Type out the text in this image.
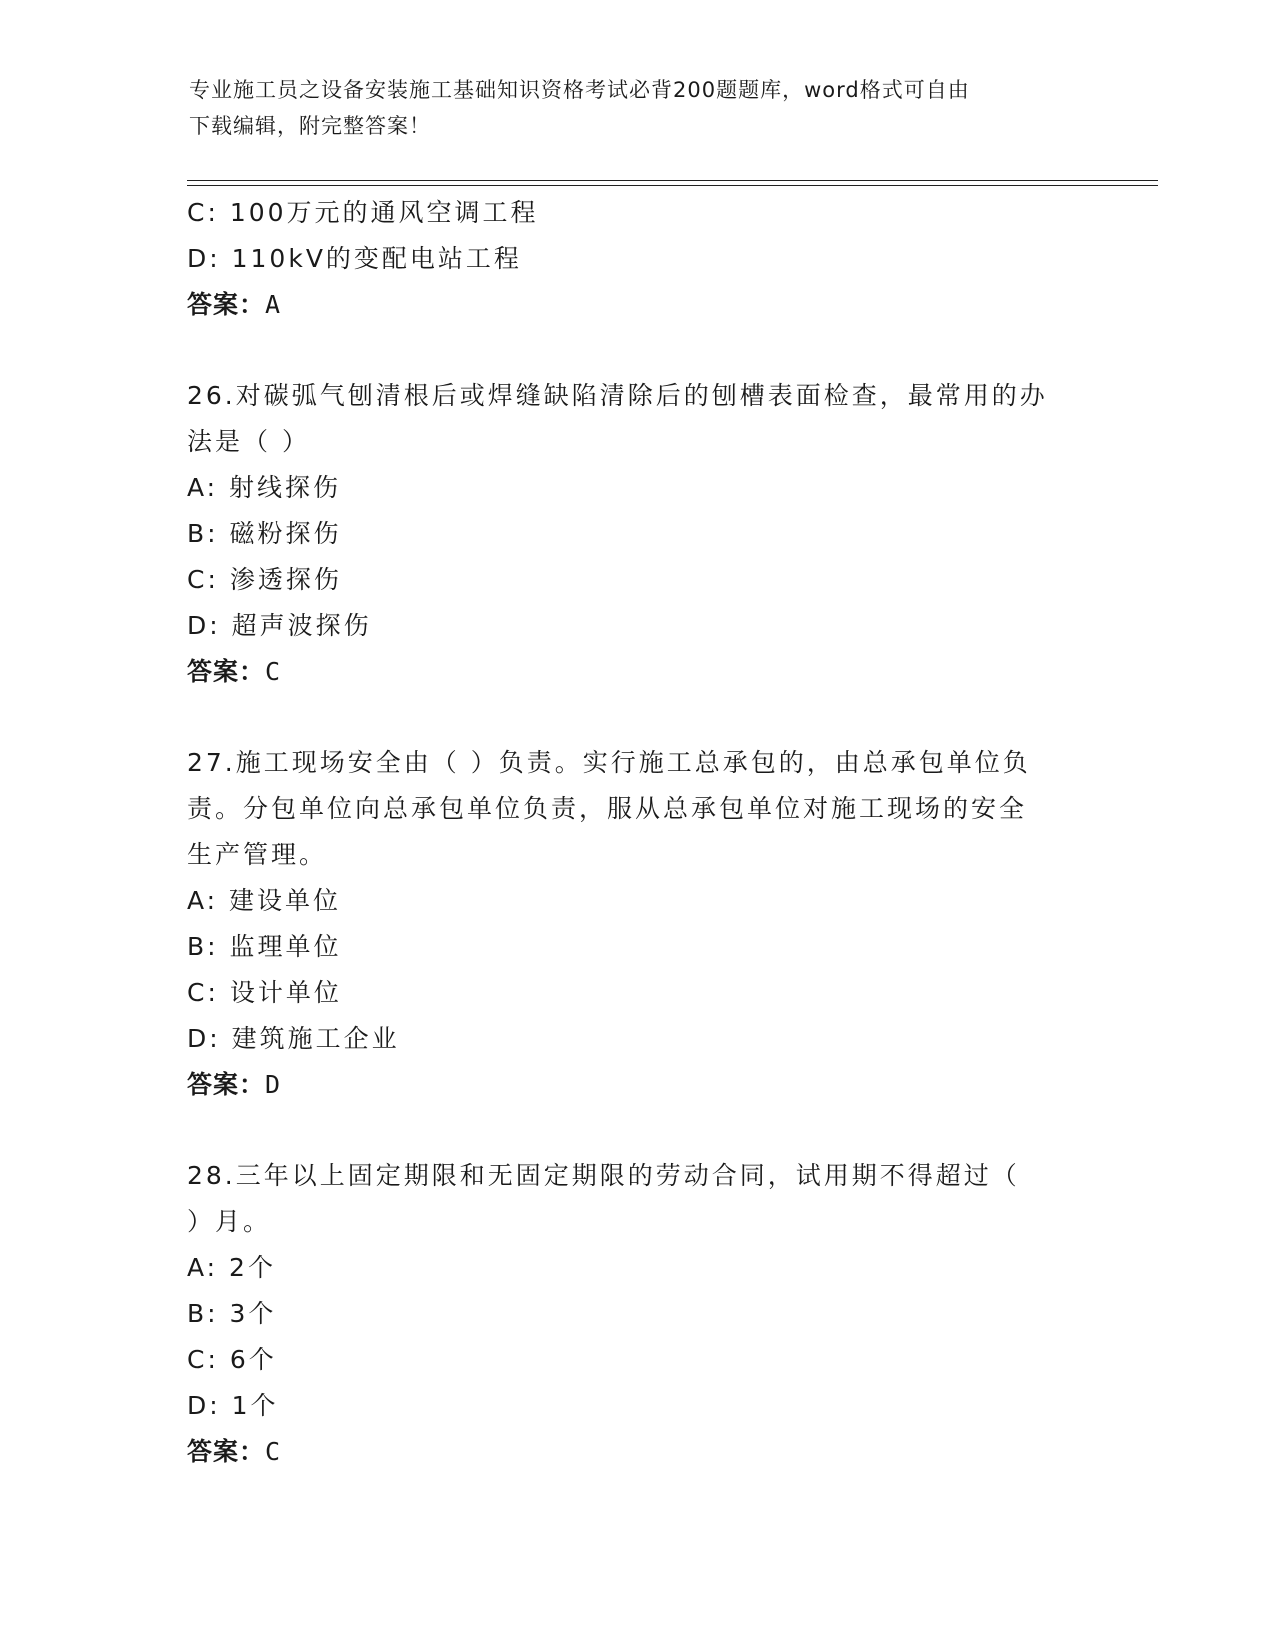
专业施工员之设备安装施工基础知识资格考试必背200题题库，word格式可自由
下载编辑，附完整答案！
C: 100万元的通风空调工程
D: 110kV的变配电站工程
答案：A
26.对碳弧气刨清根后或焊缝缺陷清除后的刨槽表面检查，最常用的办
法是（ ）
A: 射线探伤
B: 磁粉探伤
C: 渗透探伤
D: 超声波探伤
答案：C
27.施工现场安全由（ ）负责。实行施工总承包的，由总承包单位负
责。分包单位向总承包单位负责，服从总承包单位对施工现场的安全
生产管理。
A: 建设单位
B: 监理单位
C: 设计单位
D: 建筑施工企业
答案：D
28.三年以上固定期限和无固定期限的劳动合同，试用期不得超过（
）月。
A: 2个
B: 3个
C: 6个
D: 1个
答案：C
